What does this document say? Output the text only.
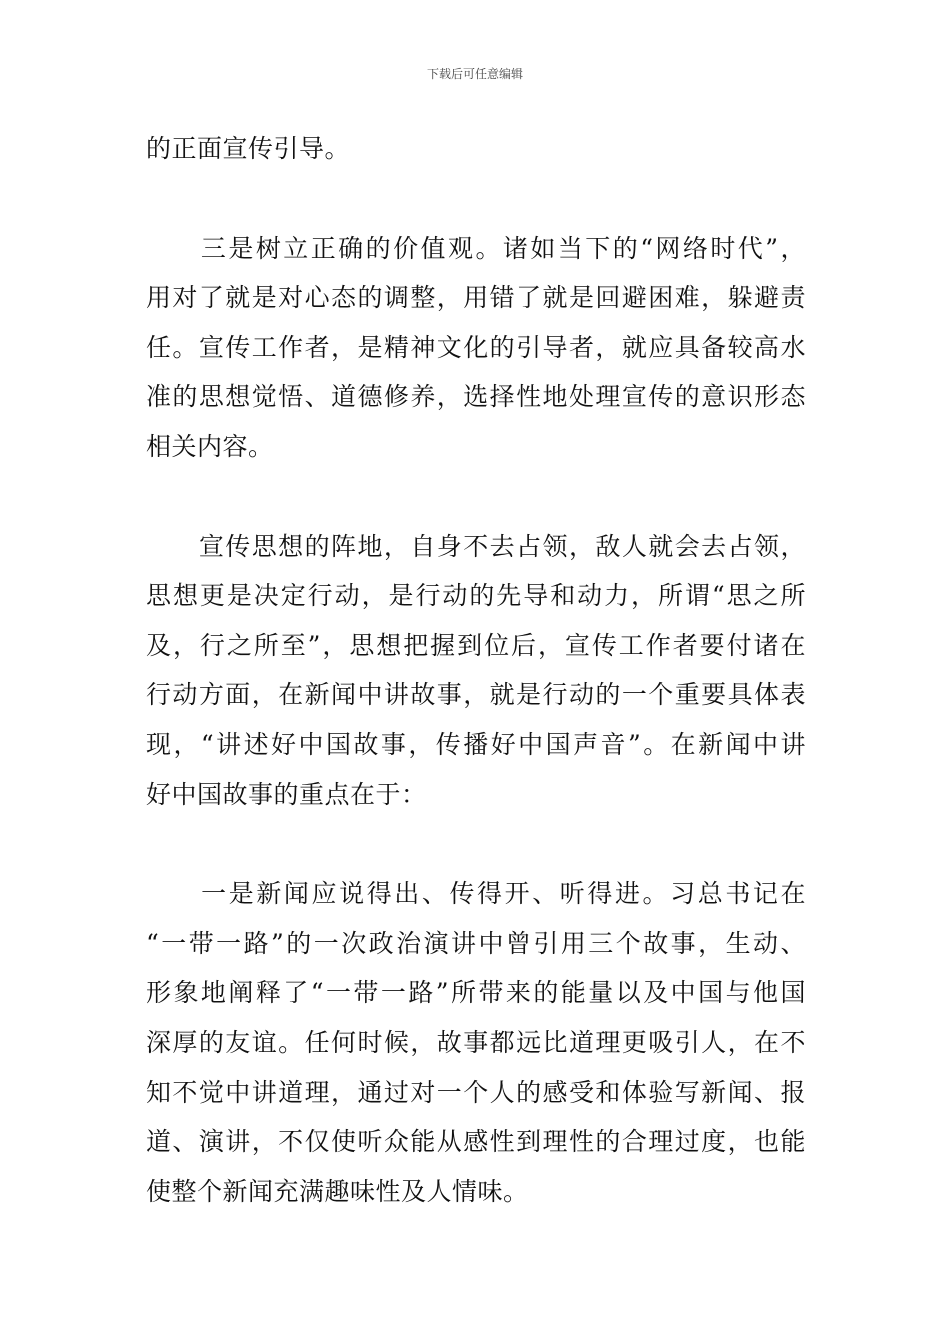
下载后可任意编辑
的正面宣传引导。
　　三是树立正确的价值观。诸如当下的“网络时代”，
用对了就是对心态的调整，用错了就是回避困难，躲避责
任。宣传工作者，是精神文化的引导者，就应具备较高水
准的思想觉悟、道德修养，选择性地处理宣传的意识形态
相关内容。
　　宣传思想的阵地，自身不去占领，敌人就会去占领，
思想更是决定行动，是行动的先导和动力，所谓“思之所
及，行之所至”，思想把握到位后，宣传工作者要付诸在
行动方面，在新闻中讲故事，就是行动的一个重要具体表
现，“讲述好中国故事，传播好中国声音”。在新闻中讲
好中国故事的重点在于：
　　一是新闻应说得出、传得开、听得进。习总书记在
“一带一路”的一次政治演讲中曾引用三个故事，生动、
形象地阐释了“一带一路”所带来的能量以及中国与他国
深厚的友谊。任何时候，故事都远比道理更吸引人，在不
知不觉中讲道理，通过对一个人的感受和体验写新闻、报
道、演讲，不仅使听众能从感性到理性的合理过度，也能
使整个新闻充满趣味性及人情味。
